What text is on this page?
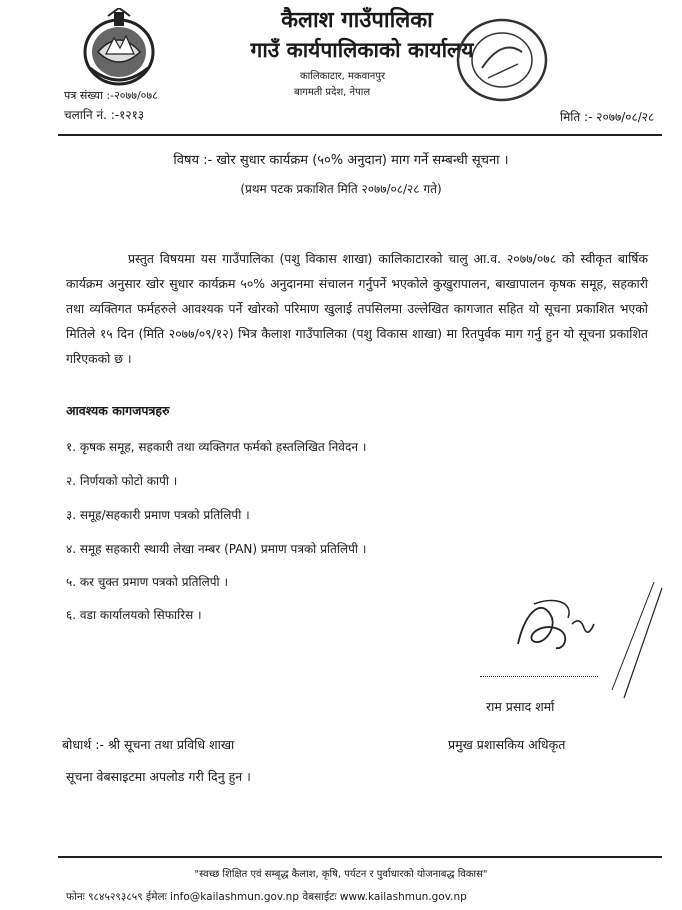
कैलाश गाउँपालिका
गाउँ कार्यपालिकाको कार्यालय
कालिकाटार, मकवानपुर
बागमती प्रदेश, नेपाल
पत्र संख्या :-२०७७/०७८
चलानि नं. :-१२१३	मिति :- २०७७/०८/२८
विषय :- खोर सुधार कार्यक्रम (५०% अनुदान) माग गर्ने सम्बन्धी सूचना ।
(प्रथम पटक प्रकाशित मिति २०७७/०८/२८ गते)
प्रस्तुत विषयमा यस गाउँपालिका (पशु विकास शाखा) कालिकाटारको चालु आ.व. २०७७/०७८ को स्वीकृत बार्षिक कार्यक्रम अनुसार खोर सुधार कार्यक्रम ५०% अनुदानमा संचालन गर्नुपर्ने भएकोले कुखुरापालन, बाखापालन कृषक समूह, सहकारी तथा व्यक्तिगत फर्महरुले आवश्यक पर्ने खोरको परिमाण खुलाई तपसिलमा उल्लेखित कागजात सहित यो सूचना प्रकाशित भएको मितिले १५ दिन (मिति २०७७/०९/१२) भित्र कैलाश गाउँपालिका (पशु विकास शाखा) मा रितपुर्वक माग गर्नु हुन यो सूचना प्रकाशित गरिएकको छ ।
आवश्यक कागजपत्रहरु
१. कृषक समूह, सहकारी तथा व्यक्तिगत फर्मको हस्तलिखित निवेदन ।
२. निर्णयको फोटो कापी ।
३. समूह/सहकारी प्रमाण पत्रको प्रतिलिपी ।
४. समूह सहकारी स्थायी लेखा नम्बर (PAN) प्रमाण पत्रको प्रतिलिपी ।
५. कर चुक्त प्रमाण पत्रको प्रतिलिपी ।
६. वडा कार्यालयको सिफारिस ।
राम प्रसाद शर्मा
प्रमुख प्रशासकिय अधिकृत
बोधार्थ :- श्री सूचना तथा प्रविधि शाखा
सूचना वेबसाइटमा अपलोड गरी दिनु हुन ।
"स्वच्छ शिक्षित एवं सम्बृद्ध कैलाश, कृषि, पर्यटन र पुर्वाधारको योजनाबद्ध विकास"
फोनः ९८४५२९३८५९ ईमेलः info@kailashmun.gov.np वेबसाईटः www.kailashmun.gov.np
